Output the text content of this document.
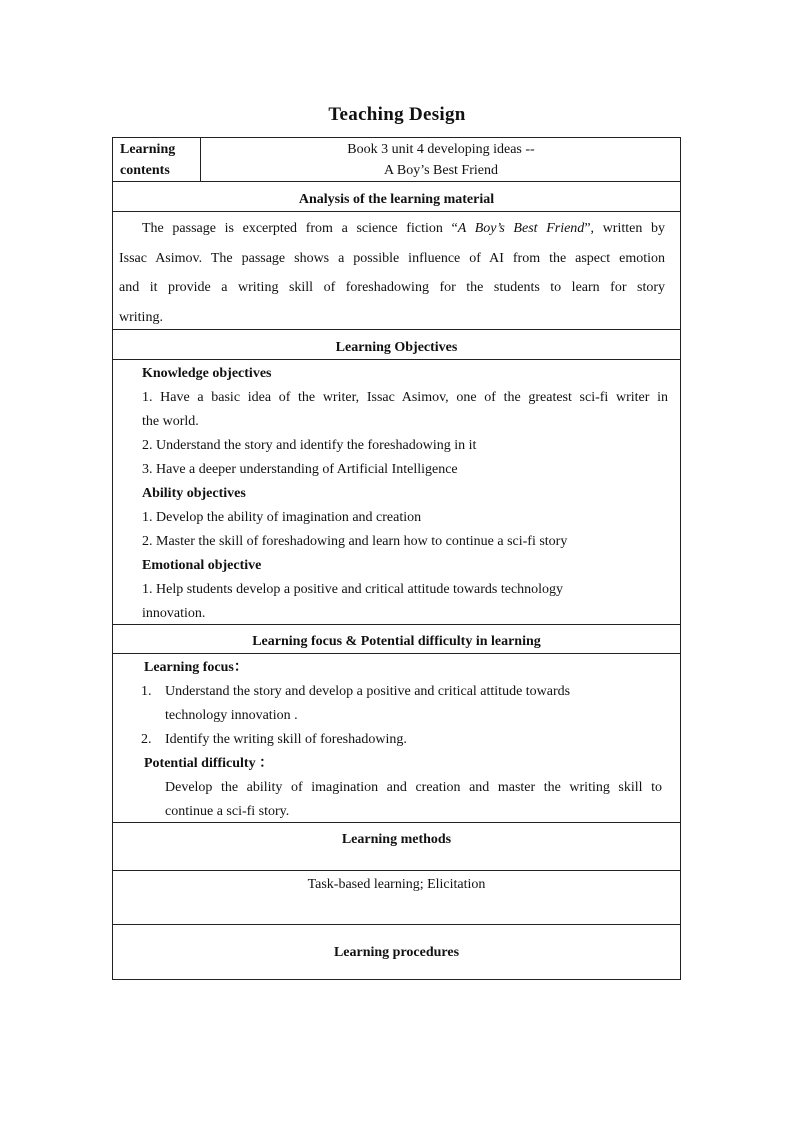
Teaching Design
Learning
contents
Book 3 unit 4 developing ideas --
A Boy’s Best Friend
Analysis of the learning material

The passage is excerpted from a science fiction “A Boy’s Best Friend”, written by

Issac Asimov. The passage shows a possible influence of AI from the aspect emotion

and it provide a writing skill of foreshadowing for the students to learn for story

writing.

Learning Objectives
Knowledge objectives
1. Have a basic idea of the writer, Issac Asimov, one of the greatest sci-fi writer in
the world.
2. Understand the story and identify the foreshadowing in it
3. Have a deeper understanding of Artificial Intelligence
Ability objectives
1. Develop the ability of imagination and creation
2. Master the skill of foreshadowing and learn how to continue a sci-fi story
Emotional objective
1. Help students develop a positive and critical attitude towards technology
innovation.
Learning focus & Potential difficulty in learning
Learning focus：
1. Understand the story and develop a positive and critical attitude towards
technology innovation .
2. Identify the writing skill of foreshadowing.
Potential difficulty ：
Develop the ability of imagination and creation and master the writing skill to
continue a sci-fi story.
Learning methods
Task-based learning; Elicitation
Learning procedures
